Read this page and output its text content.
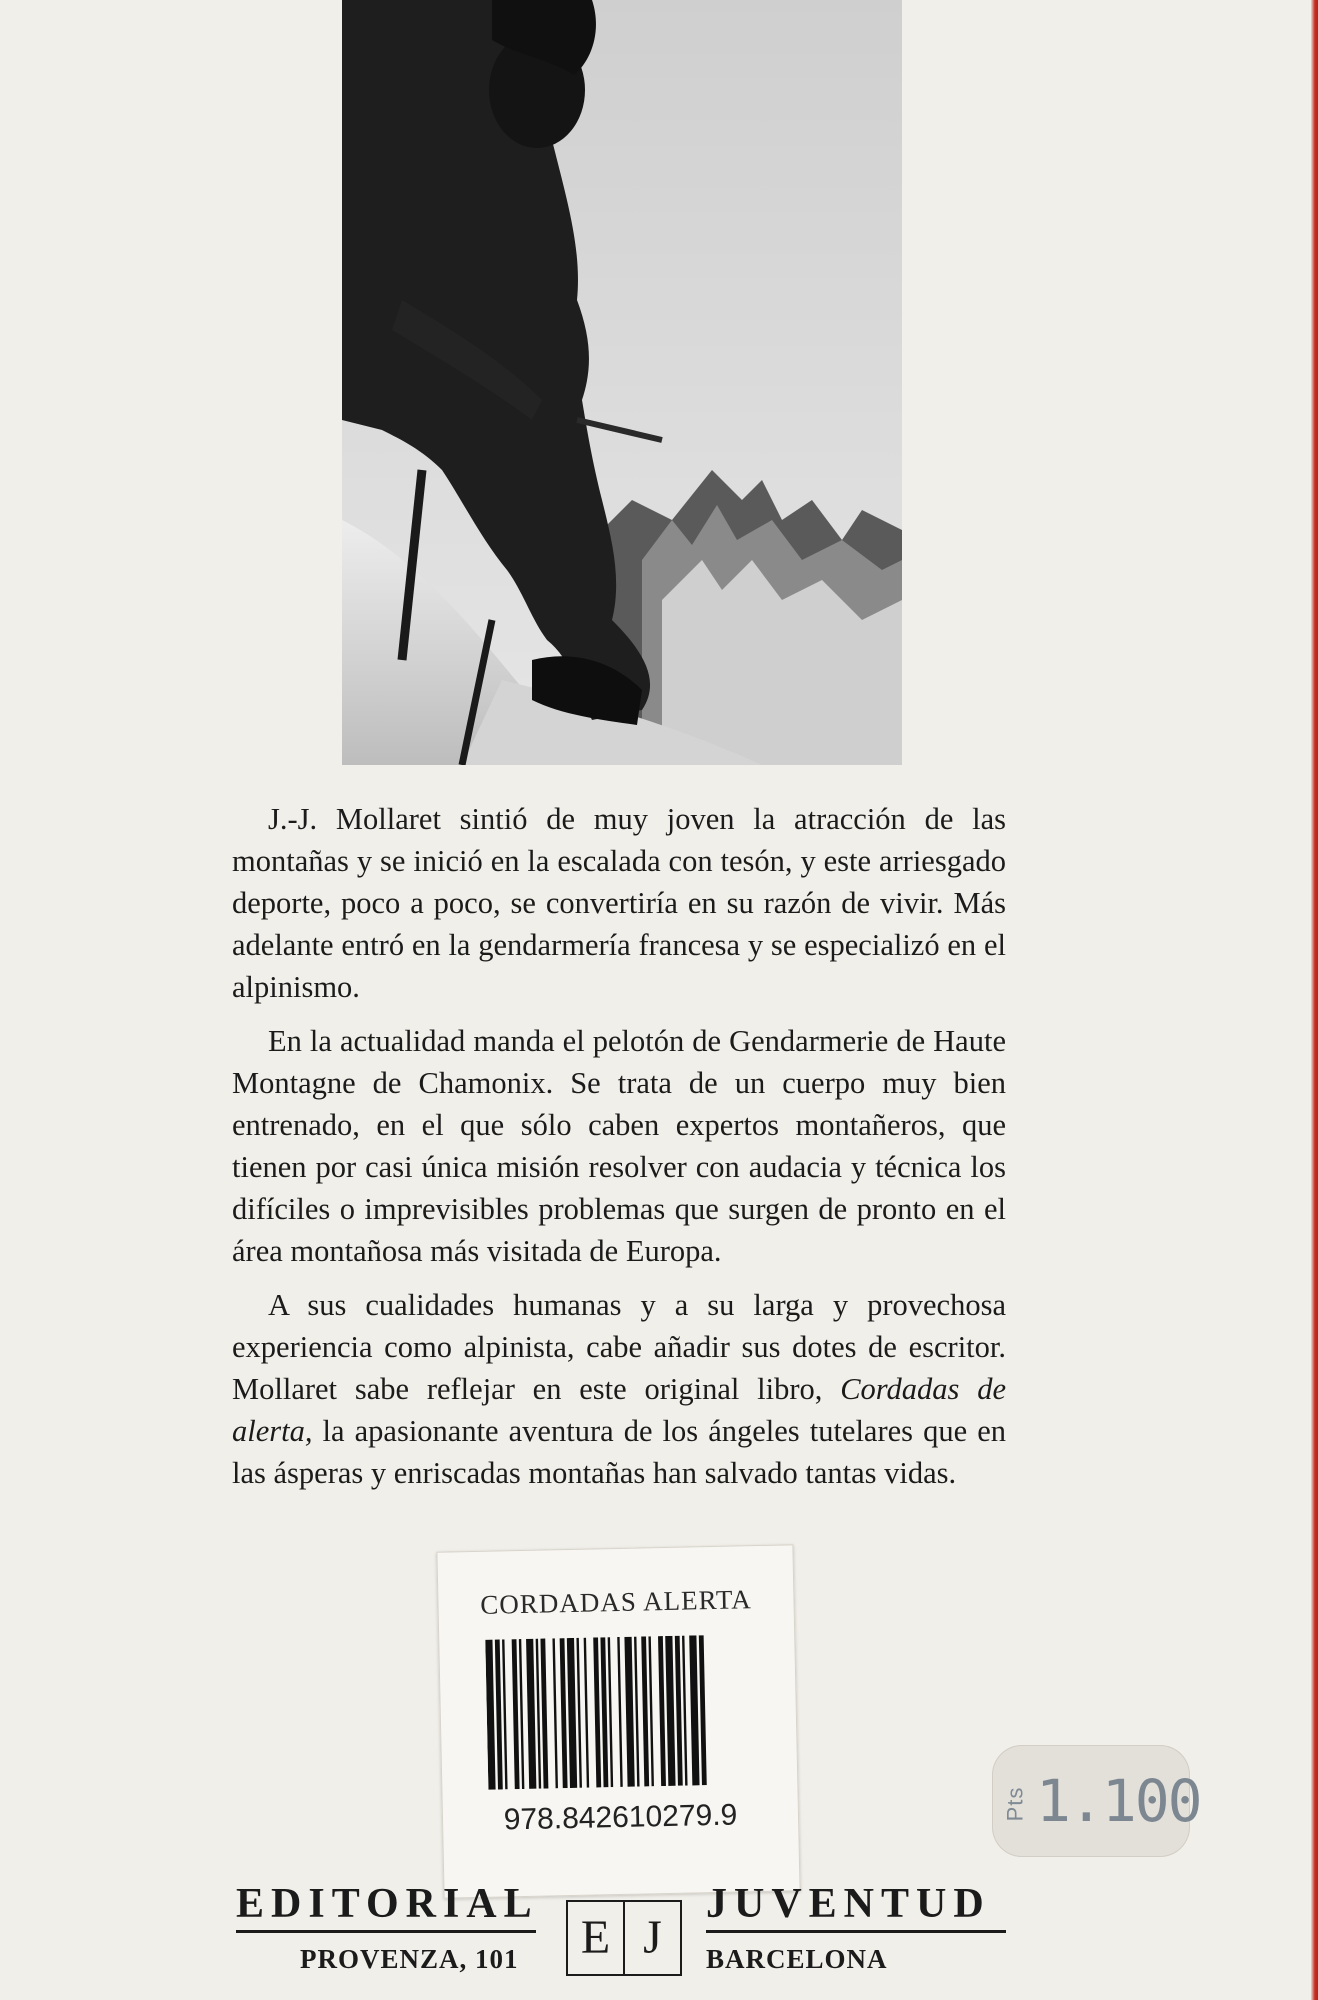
J.-J. Mollaret sintió de muy joven la atracción de las montañas y se inició en la escalada con tesón, y este arriesgado deporte, poco a poco, se convertiría en su razón de vivir. Más adelante entró en la gendarmería francesa y se especializó en el alpinismo.

En la actualidad manda el pelotón de Gendarmerie de Haute Montagne de Chamonix. Se trata de un cuerpo muy bien entrenado, en el que sólo caben expertos montañeros, que tienen por casi única misión resolver con audacia y técnica los difíciles o imprevisibles problemas que surgen de pronto en el área montañosa más visitada de Europa.

A sus cualidades humanas y a su larga y provechosa experiencia como alpinista, cabe añadir sus dotes de escritor. Mollaret sabe reflejar en este original libro, Cordadas de alerta, la apasionante aventura de los ángeles tutelares que en las ásperas y enriscadas montañas han salvado tantas vidas.

CORDADAS ALERTA
978.842610279.9	Pts 1.100
EDITORIAL	JUVENTUD
E J
PROVENZA, 101	BARCELONA
